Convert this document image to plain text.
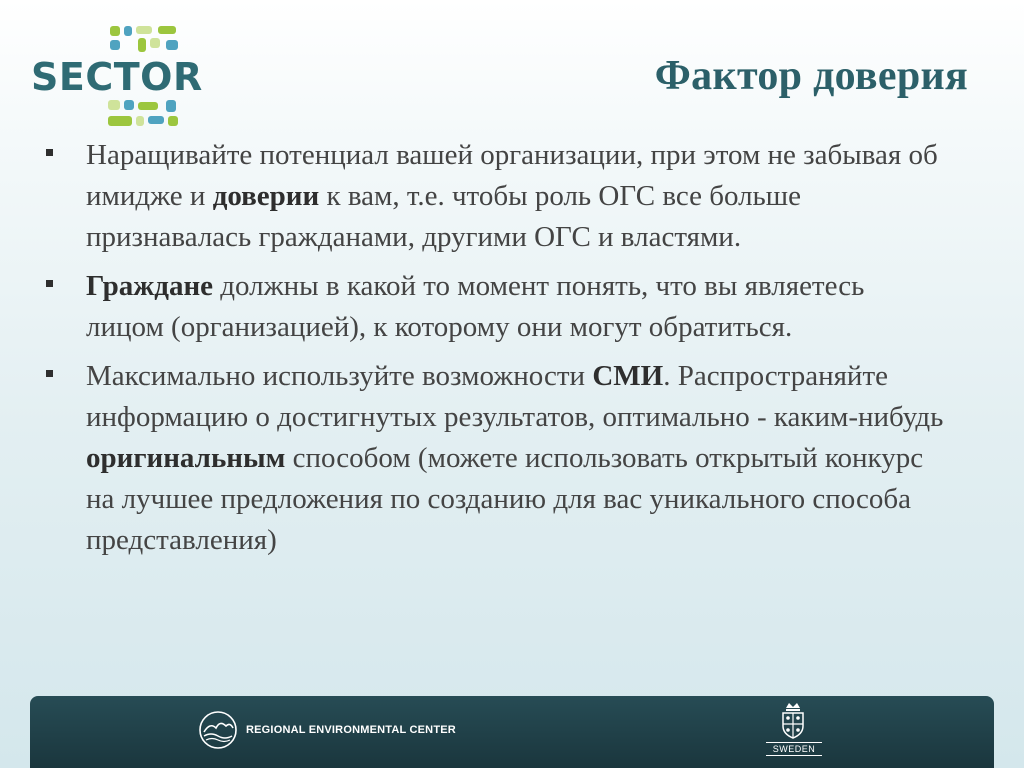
SECTOR	Фактор доверия
Наращивайте потенциал вашей организации, при этом не забывая об имидже и доверии к вам, т.е. чтобы роль ОГС все больше признавалась гражданами, другими ОГС и властями.
Граждане должны в какой то момент понять, что вы являетесь лицом (организацией), к которому они могут обратиться.
Максимально используйте возможности СМИ. Распространяйте информацию о достигнутых результатов, оптимально - каким-нибудь оригинальным способом (можете использовать открытый конкурс на лучшее предложения по созданию для вас уникального способа представления)
REGIONAL ENVIRONMENTAL CENTER
SWEDEN
